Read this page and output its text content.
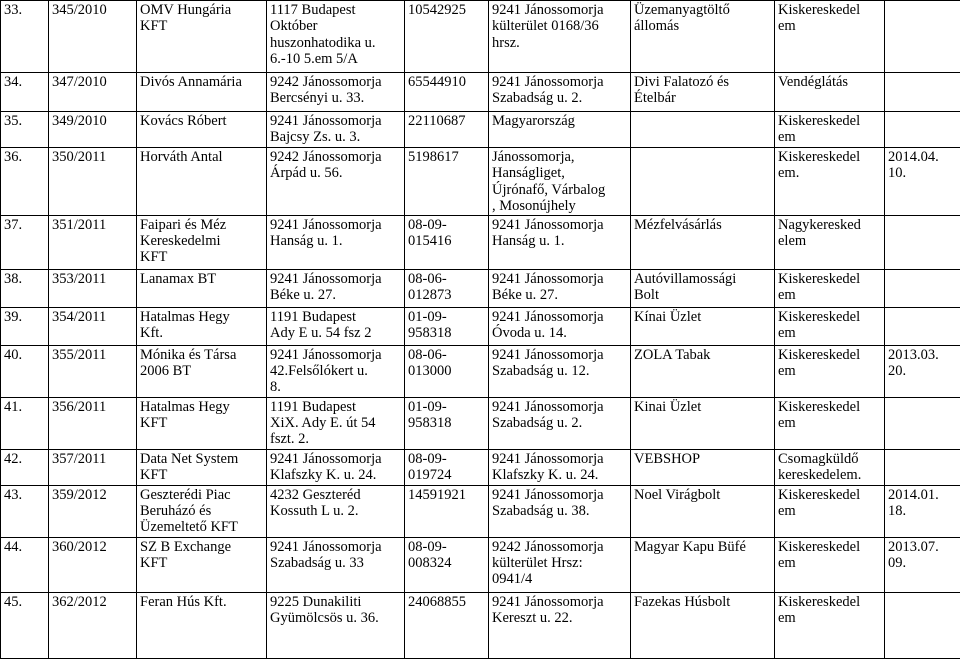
33.	345/2010	OMV Hungária
KFT	1117 Budapest
Október
huszonhatodika u.
6.-10 5.em 5/A	10542925	9241 Jánossomorja
külterület 0168/36
hrsz.	Üzemanyagtöltő
állomás	Kiskereskedel
em	
34.	347/2010	Divós Annamária	9242 Jánossomorja
Bercsényi u. 33.	65544910	9241 Jánossomorja
Szabadság u. 2.	Divi Falatozó és
Ételbár	Vendéglátás	
35.	349/2010	Kovács Róbert	9241 Jánossomorja
Bajcsy Zs. u. 3.	22110687	Magyarország		Kiskereskedel
em	
36.	350/2011	Horváth Antal	9242 Jánossomorja
Árpád u. 56.	5198617	Jánossomorja,
Hanságliget,
Újrónafő, Várbalog
, Mosonújhely		Kiskereskedel
em.	2014.04.
10.
37.	351/2011	Faipari és Méz
Kereskedelmi
KFT	9241 Jánossomorja
Hanság u. 1.	08-09-
015416	9241 Jánossomorja
Hanság u. 1.	Mézfelvásárlás	Nagykeresked
elem	
38.	353/2011	Lanamax BT	9241 Jánossomorja
Béke u. 27.	08-06-
012873	9241 Jánossomorja
Béke u. 27.	Autóvillamossági
Bolt	Kiskereskedel
em	
39.	354/2011	Hatalmas Hegy
Kft.	1191 Budapest
Ady E u. 54 fsz 2	01-09-
958318	9241 Jánossomorja
Óvoda u. 14.	Kínai Üzlet	Kiskereskedel
em	
40.	355/2011	Mónika és Társa
2006 BT	9241 Jánossomorja
42.Felsőlókert u.
8.	08-06-
013000	9241 Jánossomorja
Szabadság u. 12.	ZOLA Tabak	Kiskereskedel
em	2013.03.
20.
41.	356/2011	Hatalmas Hegy
KFT	1191 Budapest
XiX. Ady E. út 54
fszt. 2.	01-09-
958318	9241 Jánossomorja
Szabadság u. 2.	Kinai Üzlet	Kiskereskedel
em	
42.	357/2011	Data Net System
KFT	9241 Jánossomorja
Klafszky K. u. 24.	08-09-
019724	9241 Jánossomorja
Klafszky K. u. 24.	VEBSHOP	Csomagküldő
kereskedelem.	
43.	359/2012	Geszterédi Piac
Beruházó és
Üzemeltető KFT	4232 Geszteréd
Kossuth L u. 2.	14591921	9241 Jánossomorja
Szabadság u. 38.	Noel Virágbolt	Kiskereskedel
em	2014.01.
18.
44.	360/2012	SZ B Exchange
KFT	9241 Jánossomorja
Szabadság u. 33	08-09-
008324	9242 Jánossomorja
külterület Hrsz:
0941/4	Magyar Kapu Büfé	Kiskereskedel
em	2013.07.
09.
45.	362/2012	Feran Hús Kft.	9225 Dunakiliti
Gyümölcsös u. 36.	24068855	9241 Jánossomorja
Kereszt u. 22.	Fazekas Húsbolt	Kiskereskedel
em	
